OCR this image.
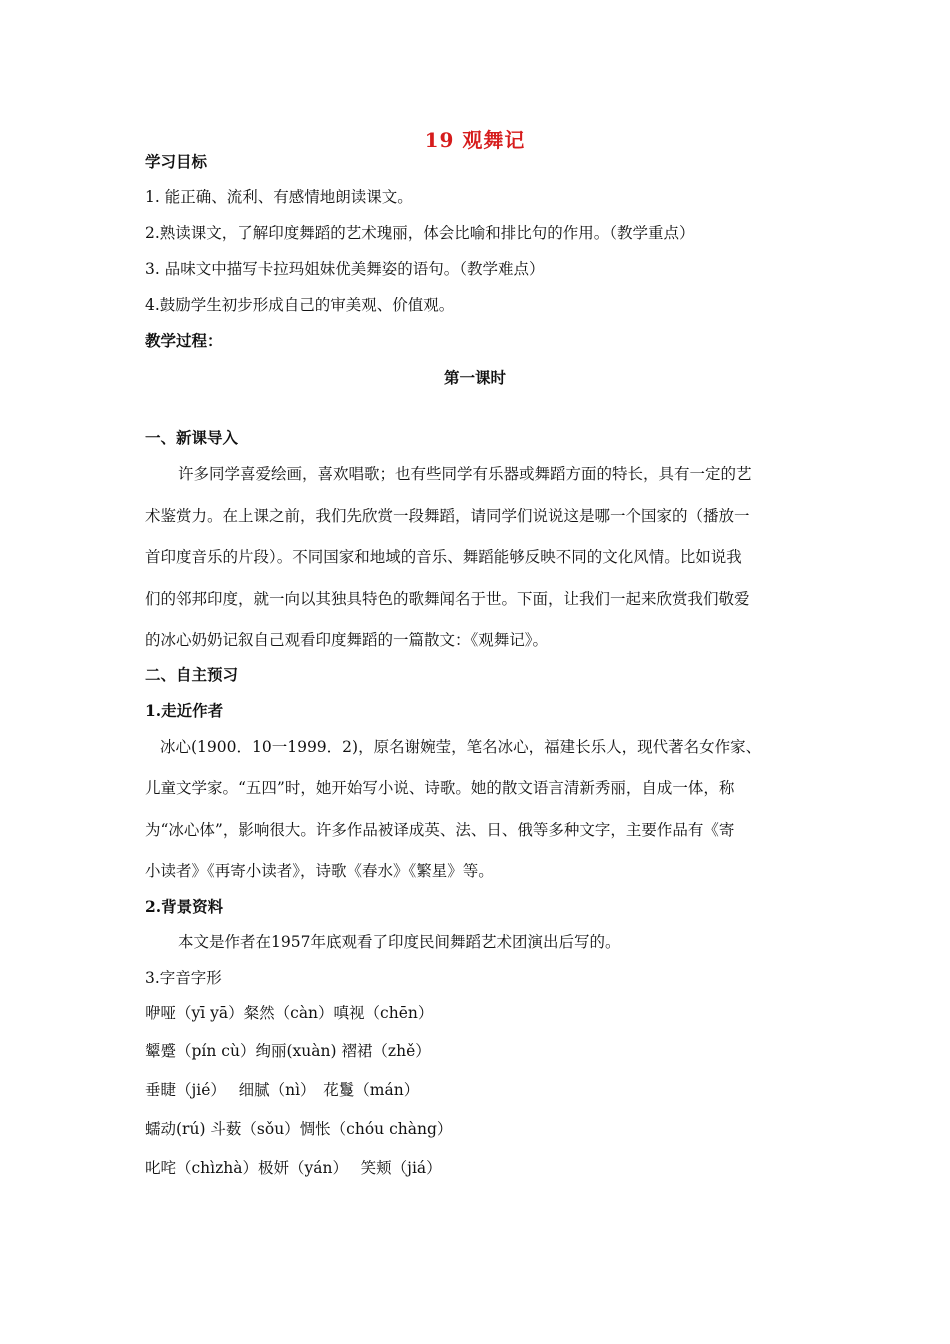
19 观舞记
学习目标
1. 能正确、流利、有感情地朗读课文。
2.熟读课文，了解印度舞蹈的艺术瑰丽，体会比喻和排比句的作用。（教学重点）
3. 品味文中描写卡拉玛姐妹优美舞姿的语句。（教学难点）
4.鼓励学生初步形成自己的审美观、价值观。
教学过程：
第一课时
一、新课导入
许多同学喜爱绘画，喜欢唱歌；也有些同学有乐器或舞蹈方面的特长，具有一定的艺
术鉴赏力。在上课之前，我们先欣赏一段舞蹈，请同学们说说这是哪一个国家的（播放一
首印度音乐的片段）。不同国家和地域的音乐、舞蹈能够反映不同的文化风情。比如说我
们的邻邦印度，就一向以其独具特色的歌舞闻名于世。下面，让我们一起来欣赏我们敬爱
的冰心奶奶记叙自己观看印度舞蹈的一篇散文：《观舞记》。
二、自主预习
1.走近作者
冰心(1900．10一1999．2)，原名谢婉莹，笔名冰心，福建长乐人，现代著名女作家、
儿童文学家。“五四”时，她开始写小说、诗歌。她的散文语言清新秀丽，自成一体，称
为“冰心体”，影响很大。许多作品被译成英、法、日、俄等多种文字，主要作品有《寄
小读者》《再寄小读者》，诗歌《春水》《繁星》等。
2.背景资料
本文是作者在1957年底观看了印度民间舞蹈艺术团演出后写的。
3.字音字形
咿哑（yī yā）粲然（càn）嗔视（chēn）
颦蹙（pín cù）绚丽(xuàn) 褶裙（zhě）
垂睫（jié）　 细腻（nì）　花鬘（mán）
蠕动(rú) 斗薮（sǒu）惆怅（chóu chàng）
叱咤（chìzhà）极妍（yán）　 笑颊（jiá）
